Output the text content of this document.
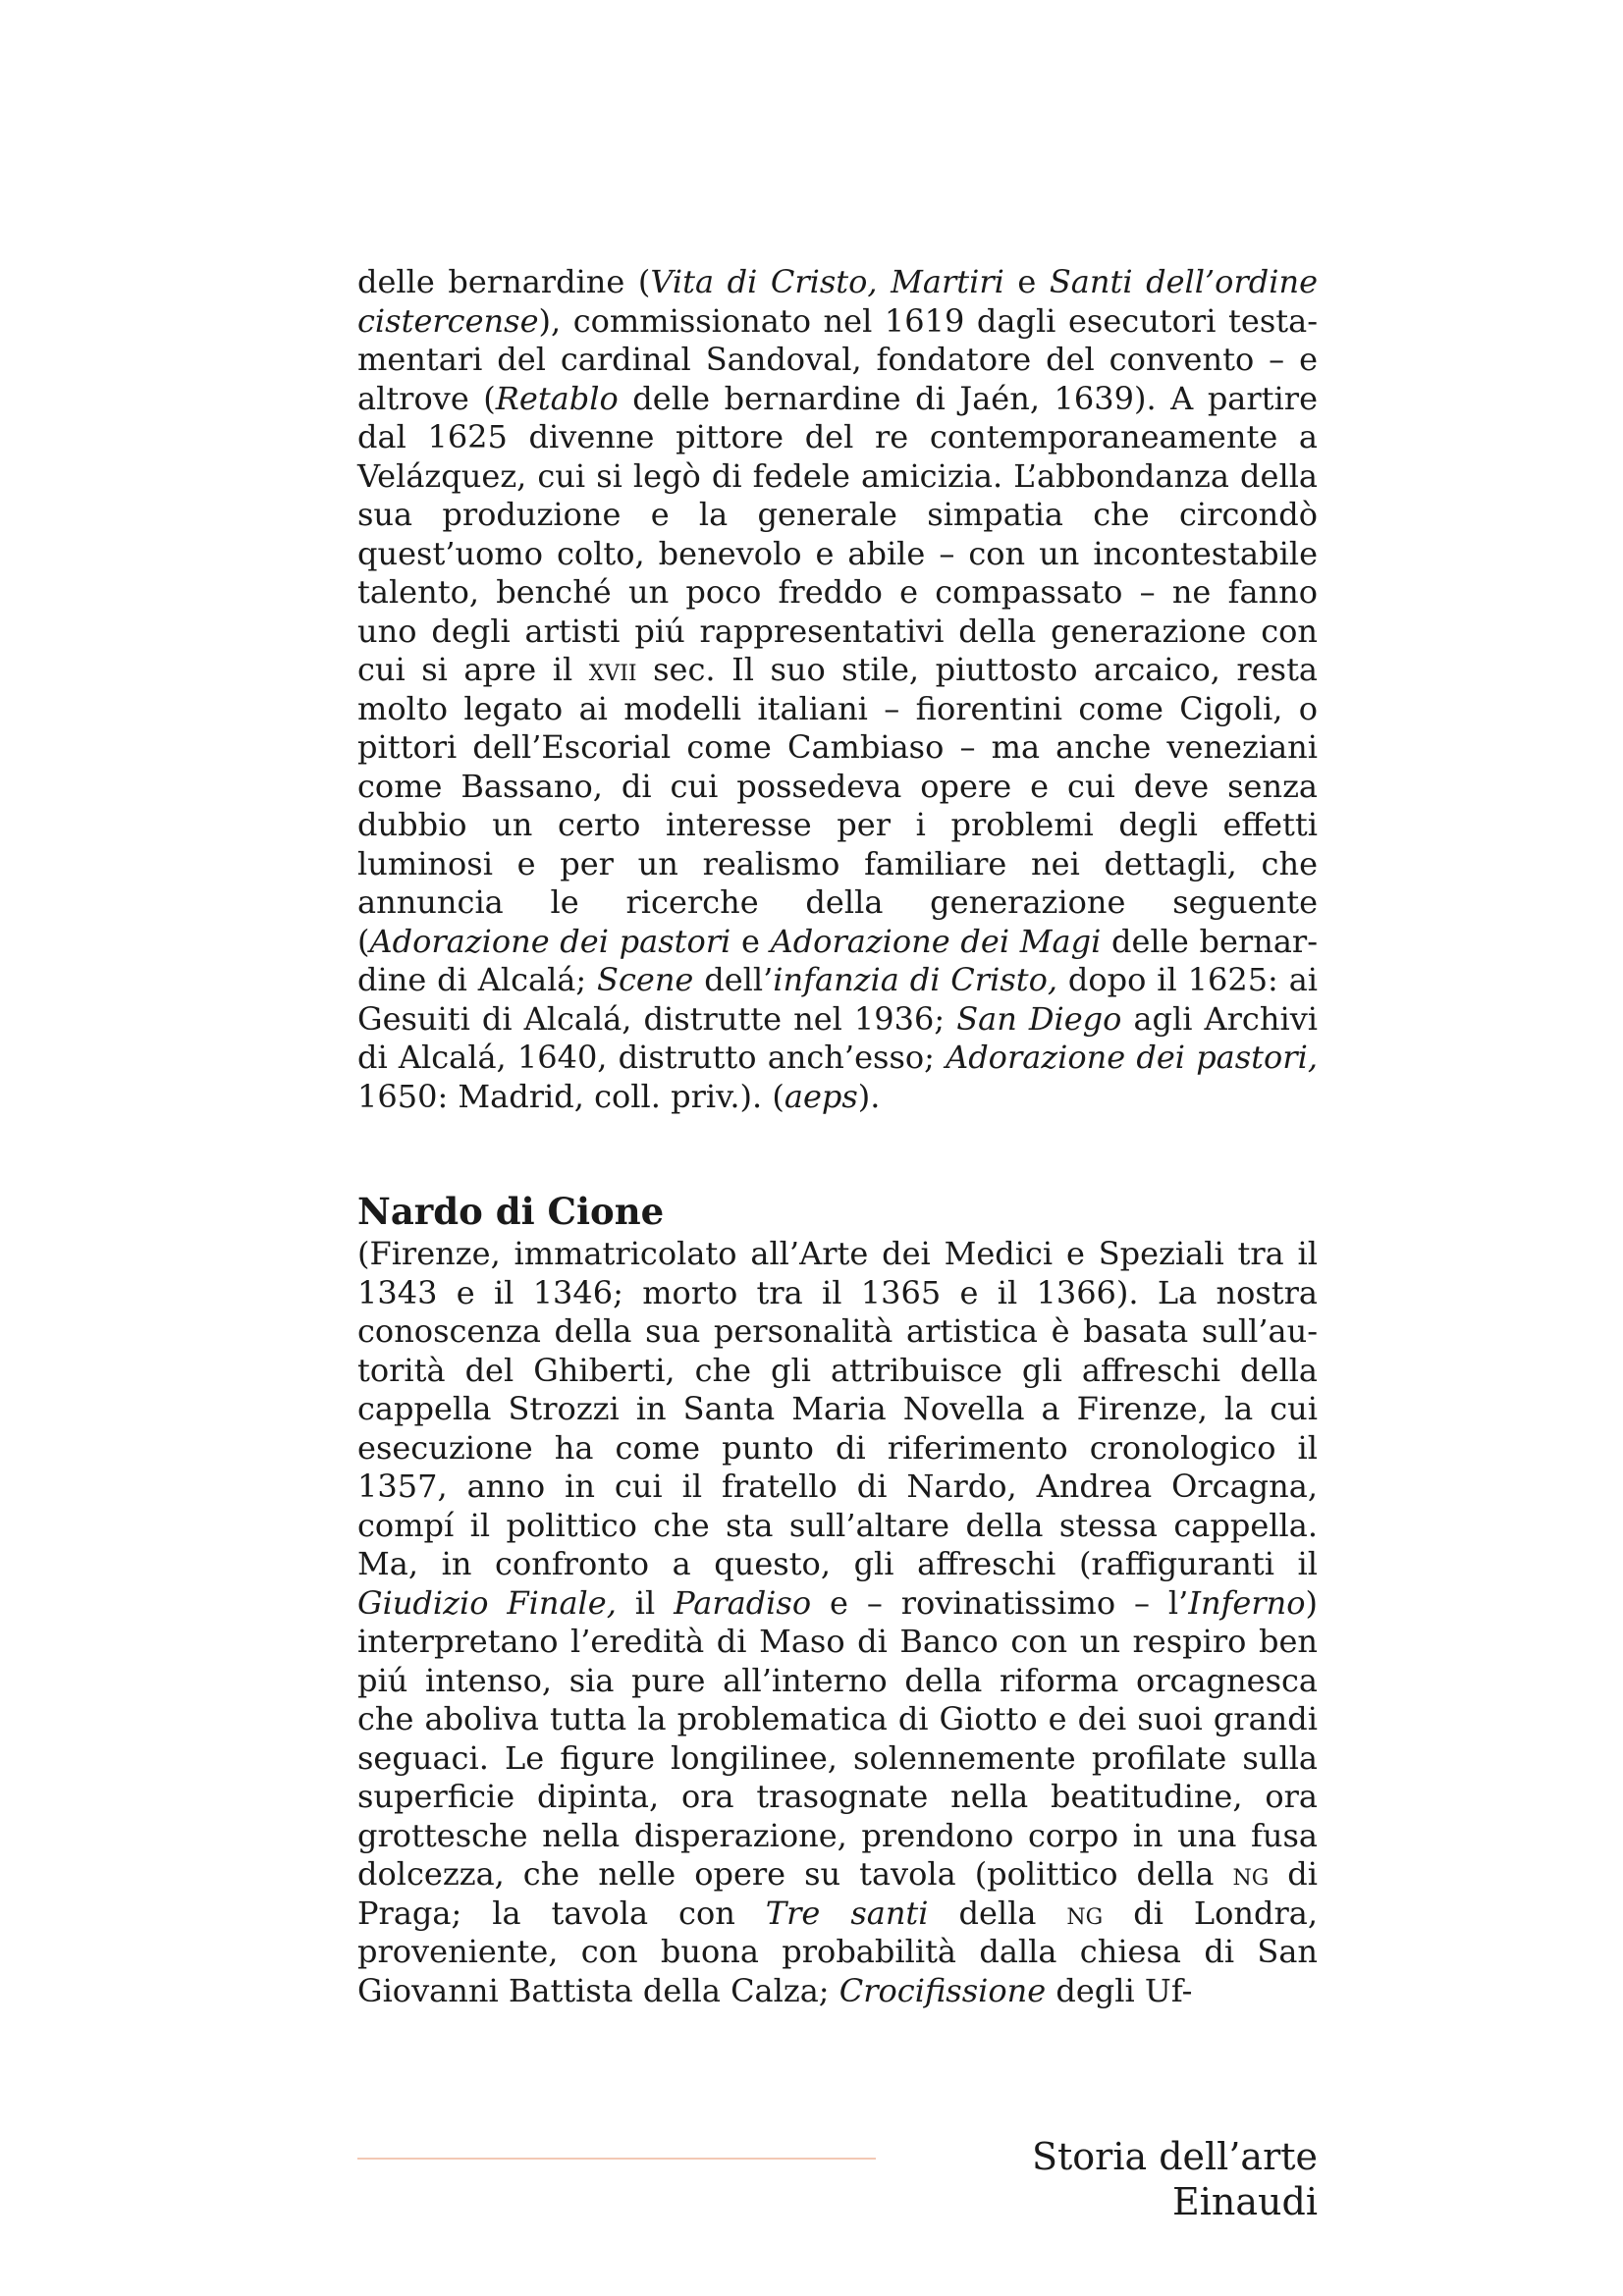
delle bernardine (Vita di Cristo, Martiri e Santi dell’ordine cistercense), commissionato nel 1619 dagli esecutori testamentari del cardinal Sandoval, fondatore del convento – e altrove (Retablo delle bernardine di Jaén, 1639). A partire dal 1625 divenne pittore del re contemporaneamente a Velázquez, cui si legò di fedele amicizia. L’abbondanza della sua produzione e la generale simpatia che circondò quest’uomo colto, benevolo e abile – con un incontestabile talento, benché un poco freddo e compassato – ne fanno uno degli artisti piú rappresentativi della generazione con cui si apre il xvii sec. Il suo stile, piuttosto arcaico, resta molto legato ai modelli italiani – fiorentini come Cigoli, o pittori dell’Escorial come Cambiaso – ma anche veneziani come Bassano, di cui possedeva opere e cui deve senza dubbio un certo interesse per i problemi degli effetti luminosi e per un realismo familiare nei dettagli, che annuncia le ricerche della generazione seguente (Adorazione dei pastori e Adorazione dei Magi delle bernardine di Alcalá; Scene dell’infanzia di Cristo, dopo il 1625: ai Gesuiti di Alcalá, distrutte nel 1936; San Diego agli Archivi di Alcalá, 1640, distrutto anch’esso; Adorazione dei pastori, 1650: Madrid, coll. priv.). (aeps).

Nardo di Cione

(Firenze, immatricolato all’Arte dei Medici e Speziali tra il 1343 e il 1346; morto tra il 1365 e il 1366). La nostra conoscenza della sua personalità artistica è basata sull’autorità del Ghiberti, che gli attribuisce gli affreschi della cappella Strozzi in Santa Maria Novella a Firenze, la cui esecuzione ha come punto di riferimento cronologico il 1357, anno in cui il fratello di Nardo, Andrea Orcagna, compí il polittico che sta sull’altare della stessa cappella. Ma, in confronto a questo, gli affreschi (raffiguranti il Giudizio Finale, il Paradiso e – rovinatissimo – l’Inferno) interpretano l’eredità di Maso di Banco con un respiro ben piú intenso, sia pure all’interno della riforma orcagnesca che aboliva tutta la problematica di Giotto e dei suoi grandi seguaci. Le figure longilinee, solennemente profilate sulla superficie dipinta, ora trasognate nella beatitudine, ora grottesche nella disperazione, prendono corpo in una fusa dolcezza, che nelle opere su tavola (polittico della ng di Praga; la tavola con Tre santi della ng di Londra, proveniente, con buona probabilità dalla chiesa di San Giovanni Battista della Calza; Crocifissione degli Uf-

Storia dell’arte Einaudi
